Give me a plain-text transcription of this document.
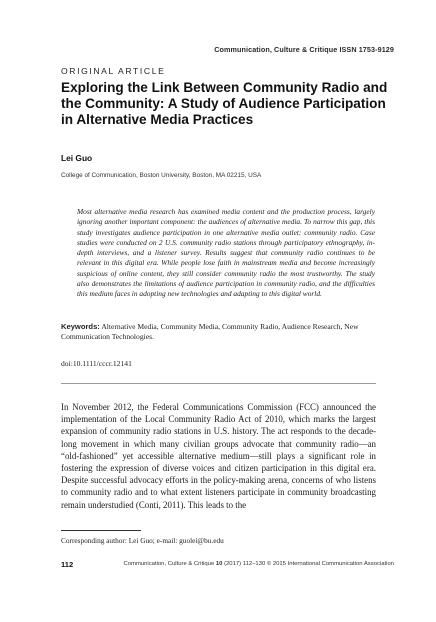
Communication, Culture & Critique ISSN 1753-9129
ORIGINAL ARTICLE
Exploring the Link Between Community Radio and the Community: A Study of Audience Participation in Alternative Media Practices
Lei Guo
College of Communication, Boston University, Boston, MA 02215, USA

Most alternative media research has examined media content and the production process, largely ignoring another important component: the audiences of alternative media. To narrow this gap, this study investigates audience participation in one alternative media outlet: community radio. Case studies were conducted on 2 U.S. community radio stations through participatory ethnography, in-depth interviews, and a listener survey. Results suggest that community radio continues to be relevant in this digital era. While people lose faith in mainstream media and become increasingly suspicious of online content, they still consider community radio the most trustworthy. The study also demonstrates the limitations of audience participation in community radio, and the difficulties this medium faces in adopting new technologies and adapting to this digital world.

Keywords: Alternative Media, Community Media, Community Radio, Audience Research, New Communication Technologies.

doi:10.1111/cccr.12141

In November 2012, the Federal Communications Commission (FCC) announced the implementation of the Local Community Radio Act of 2010, which marks the largest expansion of community radio stations in U.S. history. The act responds to the decade-long movement in which many civilian groups advocate that community radio—an “old-fashioned” yet accessible alternative medium—still plays a significant role in fostering the expression of diverse voices and citizen participation in this digital era. Despite successful advocacy efforts in the policy-making arena, concerns of who listens to community radio and to what extent listeners participate in community broadcasting remain understudied (Conti, 2011). This leads to the

Corresponding author: Lei Guo; e-mail: guolei@bu.edu
112	Communication, Culture & Critique 10 (2017) 112–130 © 2015 International Communication Association
